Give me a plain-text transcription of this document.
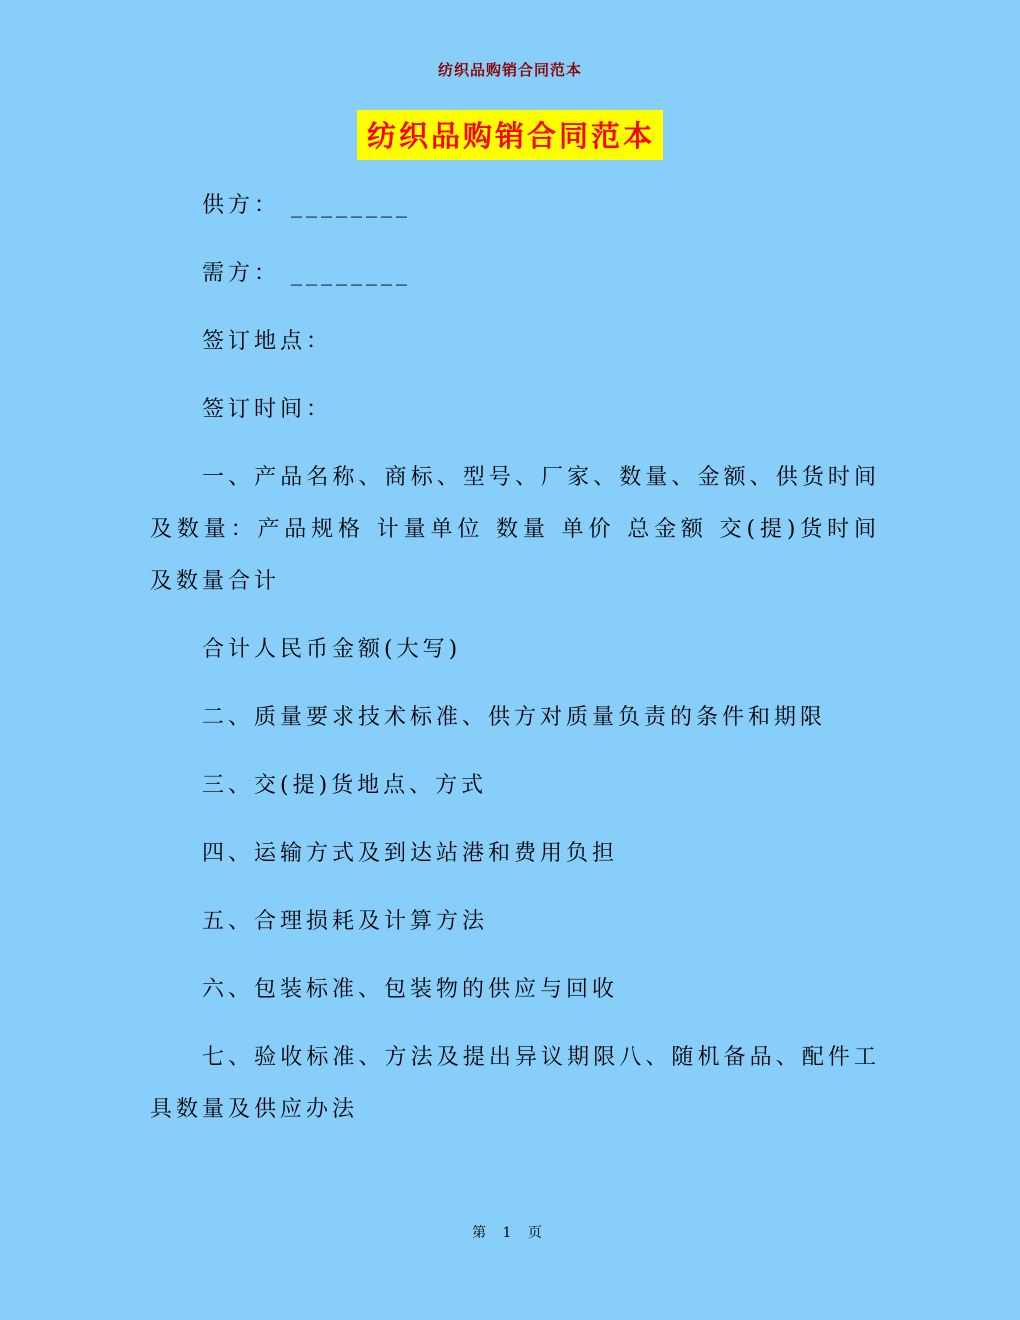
纺织品购销合同范本
纺织品购销合同范本
供方： ________
需方： ________
签订地点：
签订时间：
一、产品名称、商标、型号、厂家、数量、金额、供货时间及数量：产品规格 计量单位 数量 单价 总金额 交(提)货时间及数量合计
合计人民币金额(大写)
二、质量要求技术标准、供方对质量负责的条件和期限
三、交(提)货地点、方式
四、运输方式及到达站港和费用负担
五、合理损耗及计算方法
六、包装标准、包装物的供应与回收
七、验收标准、方法及提出异议期限八、随机备品、配件工具数量及供应办法
第 1 页
